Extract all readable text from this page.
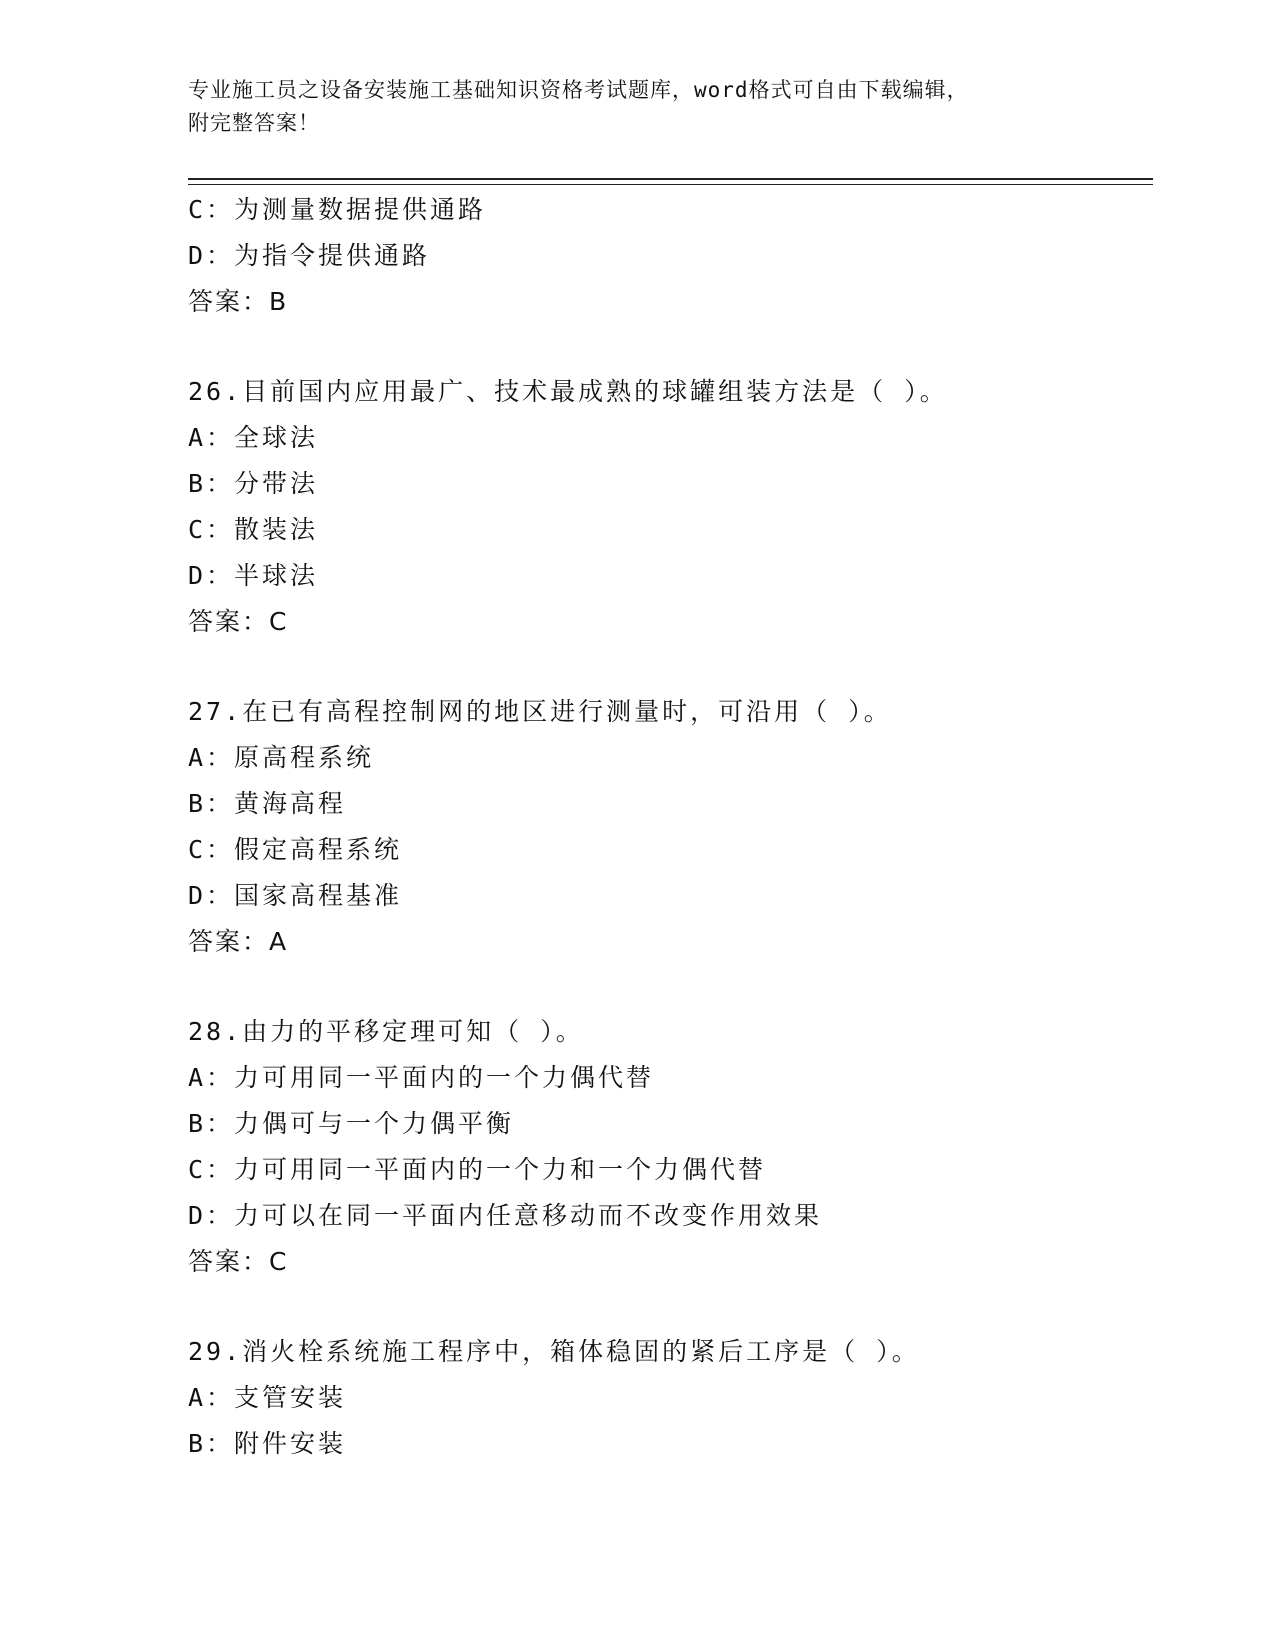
专业施工员之设备安装施工基础知识资格考试题库，word格式可自由下载编辑，
附完整答案！
C：为测量数据提供通路
D：为指令提供通路
答案：B
26.目前国内应用最广、技术最成熟的球罐组装方法是（ ）。
A：全球法
B：分带法
C：散装法
D：半球法
答案：C
27.在已有高程控制网的地区进行测量时，可沿用（ ）。
A：原高程系统
B：黄海高程
C：假定高程系统
D：国家高程基准
答案：A
28.由力的平移定理可知（ ）。
A：力可用同一平面内的一个力偶代替
B：力偶可与一个力偶平衡
C：力可用同一平面内的一个力和一个力偶代替
D：力可以在同一平面内任意移动而不改变作用效果
答案：C
29.消火栓系统施工程序中，箱体稳固的紧后工序是（ ）。
A：支管安装
B：附件安装
